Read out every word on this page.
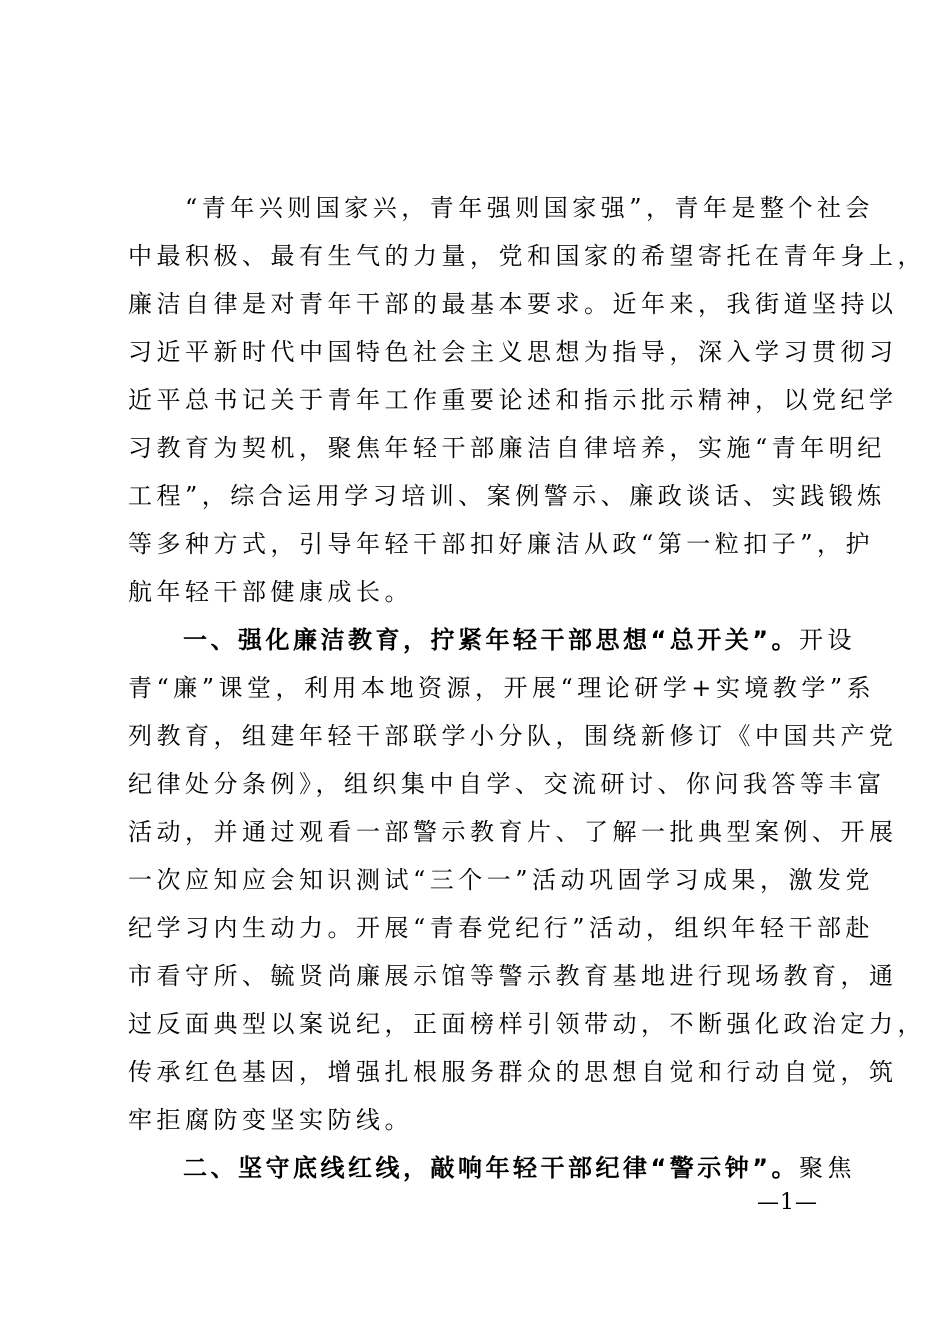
　　“青年兴则国家兴，青年强则国家强”，青年是整个社会
中最积极、最有生气的力量，党和国家的希望寄托在青年身上，
廉洁自律是对青年干部的最基本要求。近年来，我街道坚持以
习近平新时代中国特色社会主义思想为指导，深入学习贯彻习
近平总书记关于青年工作重要论述和指示批示精神，以党纪学
习教育为契机，聚焦年轻干部廉洁自律培养，实施“青年明纪
工程”，综合运用学习培训、案例警示、廉政谈话、实践锻炼
等多种方式，引导年轻干部扣好廉洁从政“第一粒扣子”，护
航年轻干部健康成长。
　　一、强化廉洁教育，拧紧年轻干部思想“总开关”。开设
青“廉”课堂，利用本地资源，开展“理论研学+实境教学”系
列教育，组建年轻干部联学小分队，围绕新修订《中国共产党
纪律处分条例》，组织集中自学、交流研讨、你问我答等丰富
活动，并通过观看一部警示教育片、了解一批典型案例、开展
一次应知应会知识测试“三个一”活动巩固学习成果，激发党
纪学习内生动力。开展“青春党纪行”活动，组织年轻干部赴
市看守所、毓贤尚廉展示馆等警示教育基地进行现场教育，通
过反面典型以案说纪，正面榜样引领带动，不断强化政治定力，
传承红色基因，增强扎根服务群众的思想自觉和行动自觉，筑
牢拒腐防变坚实防线。
　　二、坚守底线红线，敲响年轻干部纪律“警示钟”。聚焦
—1—
